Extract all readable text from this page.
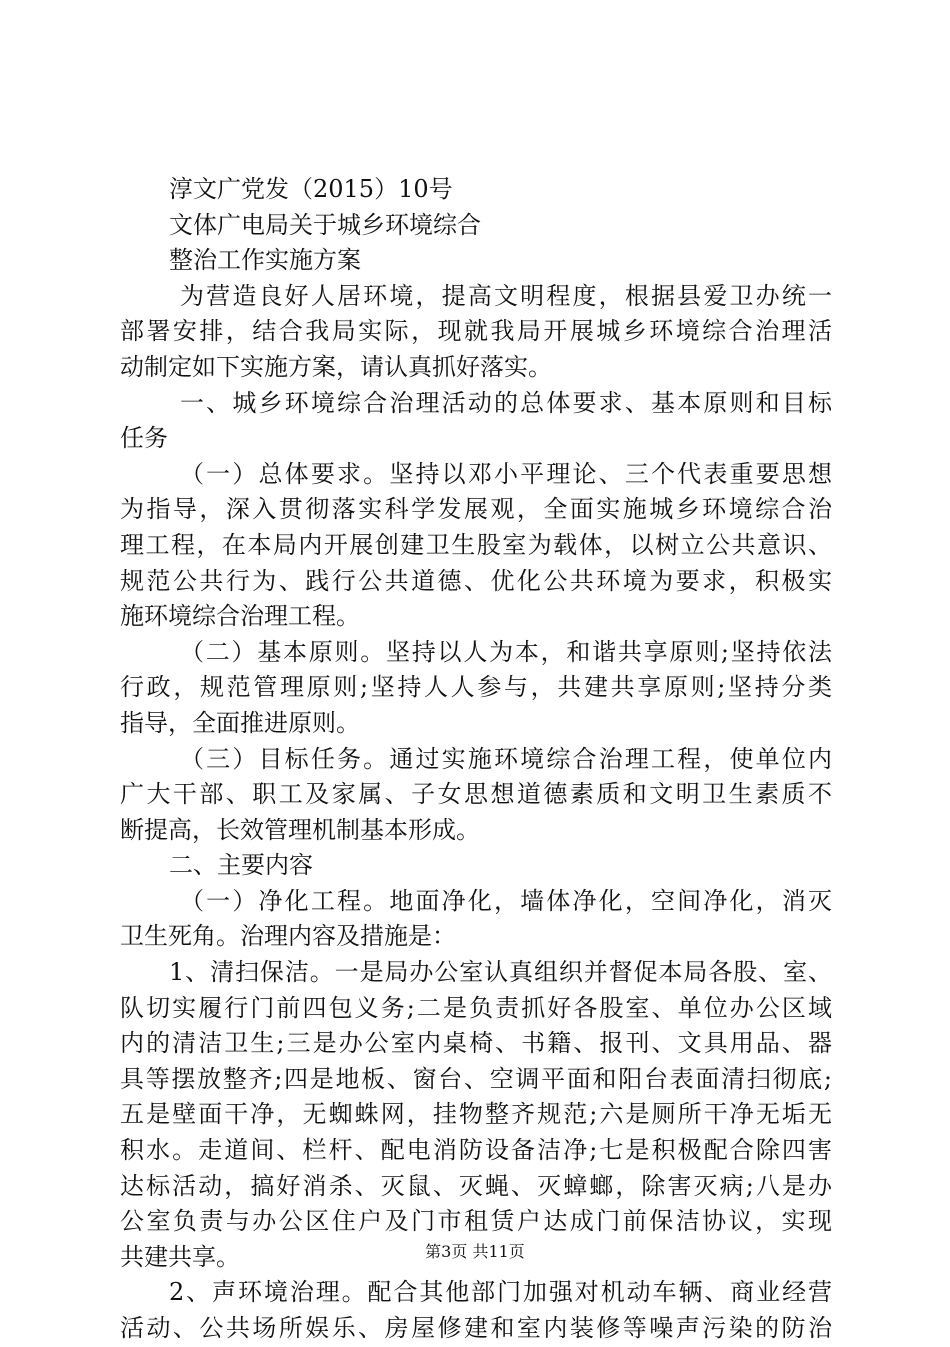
淳文广党发（2015）10号
文体广电局关于城乡环境综合
整治工作实施方案
为营造良好人居环境，提高文明程度，根据县爱卫办统一
部署安排，结合我局实际，现就我局开展城乡环境综合治理活
动制定如下实施方案，请认真抓好落实。
一、城乡环境综合治理活动的总体要求、基本原则和目标
任务
（一）总体要求。坚持以邓小平理论、三个代表重要思想
为指导，深入贯彻落实科学发展观，全面实施城乡环境综合治
理工程，在本局内开展创建卫生股室为载体，以树立公共意识、
规范公共行为、践行公共道德、优化公共环境为要求，积极实
施环境综合治理工程。
（二）基本原则。坚持以人为本，和谐共享原则;坚持依法
行政，规范管理原则;坚持人人参与，共建共享原则;坚持分类
指导，全面推进原则。
（三）目标任务。通过实施环境综合治理工程，使单位内
广大干部、职工及家属、子女思想道德素质和文明卫生素质不
断提高，长效管理机制基本形成。
二、主要内容
（一）净化工程。地面净化，墙体净化，空间净化，消灭
卫生死角。治理内容及措施是：
1、清扫保洁。一是局办公室认真组织并督促本局各股、室、
队切实履行门前四包义务;二是负责抓好各股室、单位办公区域
内的清洁卫生;三是办公室内桌椅、书籍、报刊、文具用品、器
具等摆放整齐;四是地板、窗台、空调平面和阳台表面清扫彻底;
五是壁面干净，无蜘蛛网，挂物整齐规范;六是厕所干净无垢无
积水。走道间、栏杆、配电消防设备洁净;七是积极配合除四害
达标活动，搞好消杀、灭鼠、灭蝇、灭蟑螂，除害灭病;八是办
公室负责与办公区住户及门市租赁户达成门前保洁协议，实现
共建共享。
2、声环境治理。配合其他部门加强对机动车辆、商业经营
活动、公共场所娱乐、房屋修建和室内装修等噪声污染的防治
第3页 共11页
